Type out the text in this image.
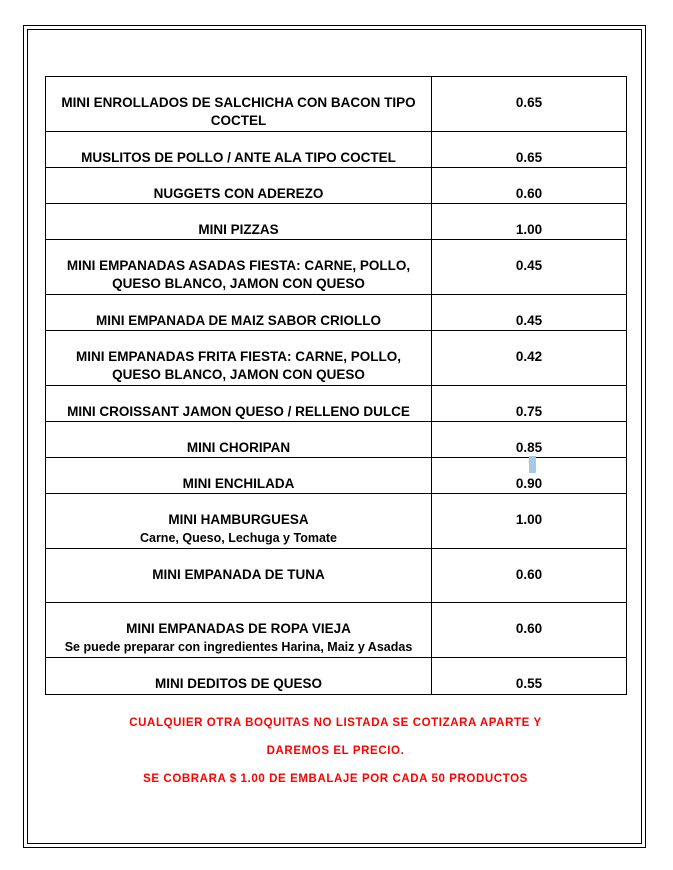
MINI ENROLLADOS DE SALCHICHA CON BACON TIPO COCTEL	0.65
MUSLITOS DE POLLO / ANTE ALA TIPO COCTEL	0.65
NUGGETS CON ADEREZO	0.60
MINI PIZZAS	1.00
MINI EMPANADAS ASADAS FIESTA: CARNE, POLLO, QUESO BLANCO, JAMON CON QUESO	0.45
MINI EMPANADA DE MAIZ SABOR CRIOLLO	0.45
MINI EMPANADAS FRITA FIESTA: CARNE, POLLO, QUESO BLANCO, JAMON CON QUESO	0.42
MINI CROISSANT JAMON QUESO / RELLENO DULCE	0.75
MINI CHORIPAN	0.85
MINI ENCHILADA	0.90
MINI HAMBURGUESA
Carne, Queso, Lechuga y Tomate	1.00
MINI EMPANADA DE TUNA	0.60
MINI EMPANADAS DE ROPA VIEJA
Se puede preparar con ingredientes Harina, Maiz y Asadas	0.60
MINI DEDITOS DE QUESO	0.55

CUALQUIER OTRA BOQUITAS NO LISTADA SE COTIZARA APARTE Y

DAREMOS EL PRECIO.

SE COBRARA $ 1.00 DE EMBALAJE POR CADA 50 PRODUCTOS
